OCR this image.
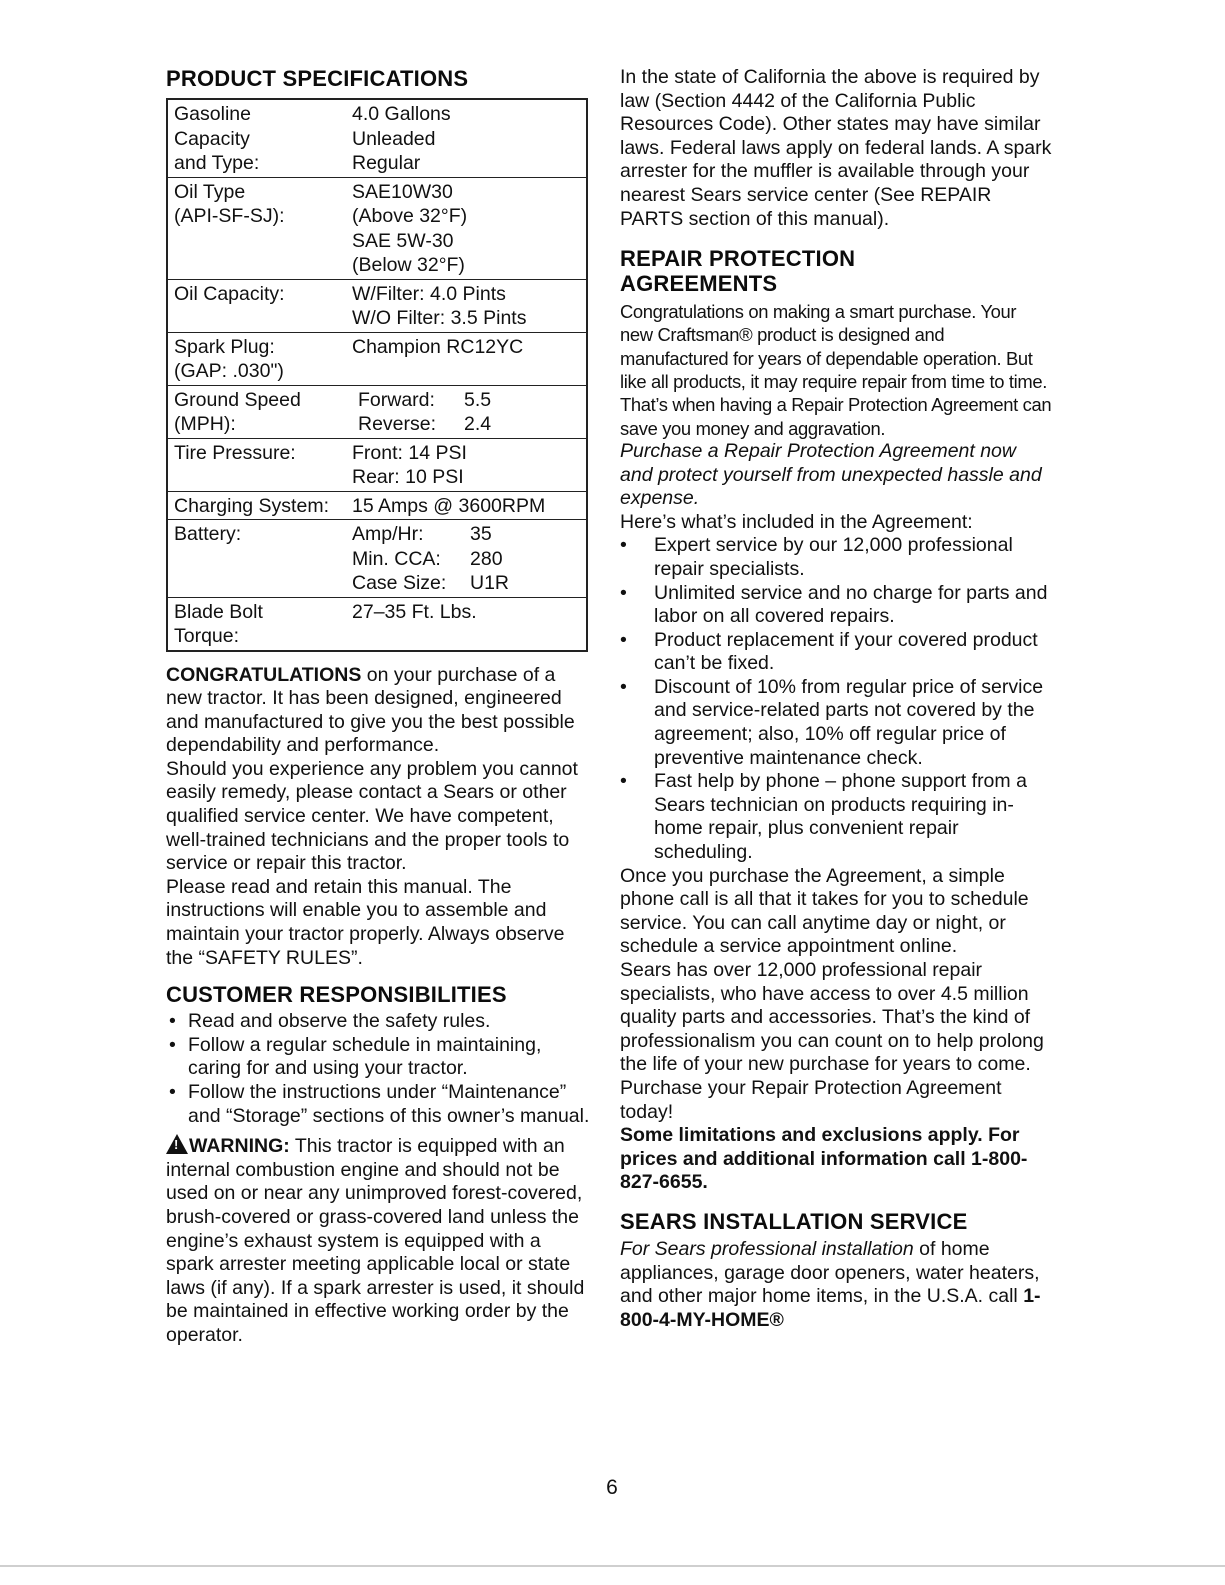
PRODUCT SPECIFICATIONS
Gasoline
Capacity
and Type:	4.0 Gallons
Unleaded
Regular

Oil Type
(API-SF-SJ):	SAE10W30
(Above 32°F)
SAE 5W-30
(Below 32°F)

Oil Capacity:	W/Filter: 4.0 Pints
W/O Filter: 3.5 Pints

Spark Plug:
(GAP: .030")	Champion RC12YC

Ground Speed
(MPH):	Forward: 5.5
Reverse: 2.4

Tire Pressure:	Front: 14 PSI
Rear: 10 PSI

Charging System:	15 Amps @ 3600RPM

Battery:	Amp/Hr: 35
Min. CCA: 280
Case Size: U1R

Blade Bolt
Torque:	27–35 Ft. Lbs.

CONGRATULATIONS on your purchase of a new tractor. It has been designed, engineered and manufactured to give you the best possible dependability and performance.

Should you experience any problem you cannot easily remedy, please contact a Sears or other qualified service center. We have competent, well-trained technicians and the proper tools to service or repair this tractor.

Please read and retain this manual. The instructions will enable you to assemble and maintain your tractor properly. Always observe the “SAFETY RULES”.

CUSTOMER RESPONSIBILITIES
• Read and observe the safety rules.
• Follow a regular schedule in maintaining, caring for and using your tractor.
• Follow the instructions under “Maintenance” and “Storage” sections of this owner’s manual.

!WARNING: This tractor is equipped with an internal combustion engine and should not be used on or near any unimproved forest-covered, brush-covered or grass-covered land unless the engine’s exhaust system is equipped with a spark arrester meeting applicable local or state laws (if any). If a spark arrester is used, it should be maintained in effective working order by the operator.

In the state of California the above is required by law (Section 4442 of the California Public Resources Code). Other states may have similar laws. Federal laws apply on federal lands. A spark arrester for the muffler is available through your nearest Sears service center (See REPAIR PARTS section of this manual).

REPAIR PROTECTION
AGREEMENTS

Congratulations on making a smart purchase. Your new Craftsman® product is designed and manufactured for years of dependable operation. But like all products, it may require repair from time to time. That’s when having a Repair Protection Agreement can save you money and aggravation.

Purchase a Repair Protection Agreement now and protect yourself from unexpected hassle and expense.

Here’s what’s included in the Agreement:

• Expert service by our 12,000 professional repair specialists.
• Unlimited service and no charge for parts and labor on all covered repairs.
• Product replacement if your covered product can’t be fixed.
• Discount of 10% from regular price of service and service-related parts not covered by the agreement; also, 10% off regular price of preventive maintenance check.
• Fast help by phone – phone support from a Sears technician on products requiring in-home repair, plus convenient repair scheduling.

Once you purchase the Agreement, a simple phone call is all that it takes for you to schedule service. You can call anytime day or night, or schedule a service appointment online.

Sears has over 12,000 professional repair specialists, who have access to over 4.5 million quality parts and accessories. That’s the kind of professionalism you can count on to help prolong the life of your new purchase for years to come. Purchase your Repair Protection Agreement today!

Some limitations and exclusions apply. For prices and additional information call 1-800-827-6655.

SEARS INSTALLATION SERVICE

For Sears professional installation of home appliances, garage door openers, water heaters, and other major home items, in the U.S.A. call 1-800-4-MY-HOME®

6
